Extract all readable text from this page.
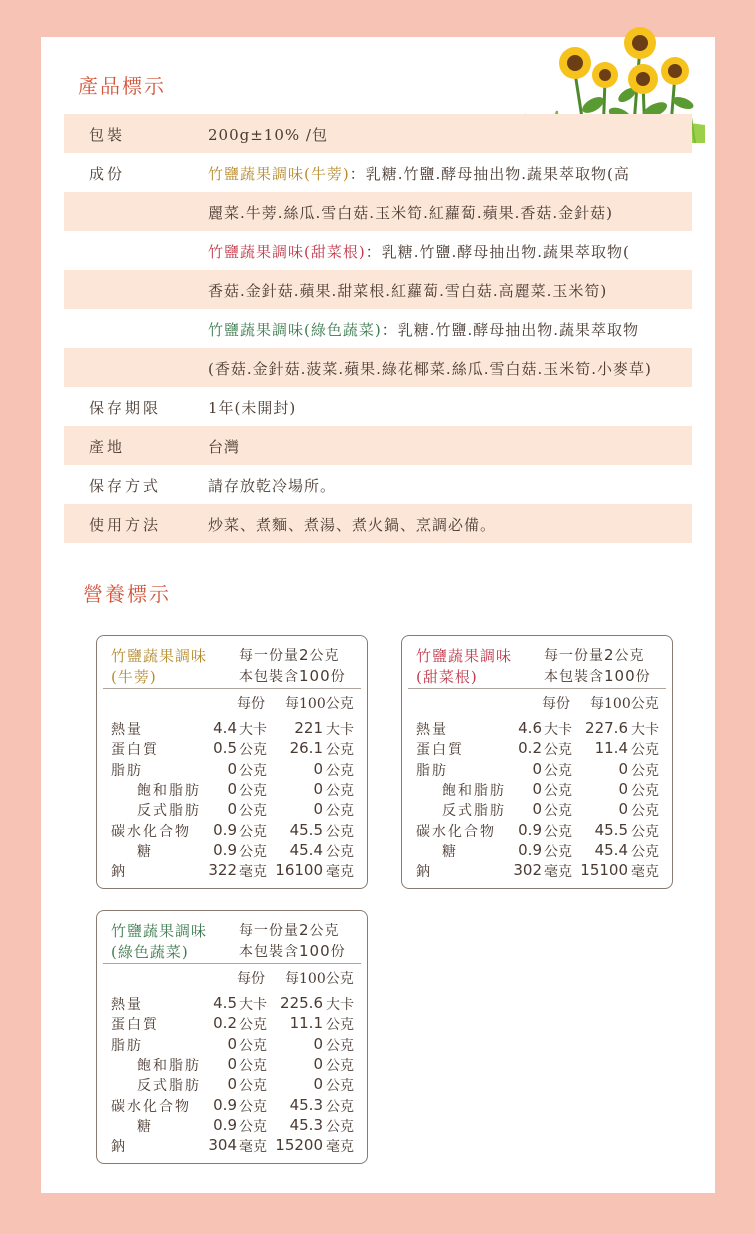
產品標示
包裝	200g±10% /包
成份	竹鹽蔬果調味(牛蒡)：乳糖.竹鹽.酵母抽出物.蔬果萃取物(高
麗菜.牛蒡.絲瓜.雪白菇.玉米筍.紅蘿蔔.蘋果.香菇.金針菇)
竹鹽蔬果調味(甜菜根)：乳糖.竹鹽.酵母抽出物.蔬果萃取物(
香菇.金針菇.蘋果.甜菜根.紅蘿蔔.雪白菇.高麗菜.玉米筍)
竹鹽蔬果調味(綠色蔬菜)：乳糖.竹鹽.酵母抽出物.蔬果萃取物
(香菇.金針菇.菠菜.蘋果.綠花椰菜.絲瓜.雪白菇.玉米筍.小麥草)
保存期限	1年(未開封)
產地	台灣
保存方式	請存放乾冷場所。
使用方法	炒菜、煮麵、煮湯、煮火鍋、烹調必備。
營養標示
竹鹽蔬果調味
(牛蒡)
每一份量2公克
本包裝含100份
每份 每100公克
熱量	4.4 大卡 221 大卡
蛋白質	0.5 公克 26.1 公克
脂肪	0 公克	0 公克
飽和脂肪 0 公克	0 公克
反式脂肪 0 公克	0 公克
碳水化合物 0.9 公克 45.5 公克
糖	0.9 公克 45.4 公克
鈉	322 毫克 16100 毫克
竹鹽蔬果調味
(甜菜根)
每一份量2公克
本包裝含100份
每份 每100公克
熱量	4.6 大卡 227.6 大卡
蛋白質	0.2 公克 11.4 公克
脂肪	0 公克	0 公克
飽和脂肪 0 公克	0 公克
反式脂肪 0 公克	0 公克
碳水化合物 0.9 公克 45.5 公克
糖	0.9 公克 45.4 公克
鈉	302 毫克 15100 毫克
竹鹽蔬果調味
(綠色蔬菜)
每一份量2公克
本包裝含100份
每份 每100公克
熱量	4.5 大卡 225.6 大卡
蛋白質	0.2 公克 11.1 公克
脂肪	0 公克	0 公克
飽和脂肪 0 公克	0 公克
反式脂肪 0 公克	0 公克
碳水化合物 0.9 公克 45.3 公克
糖	0.9 公克 45.3 公克
鈉	304 毫克 15200 毫克
